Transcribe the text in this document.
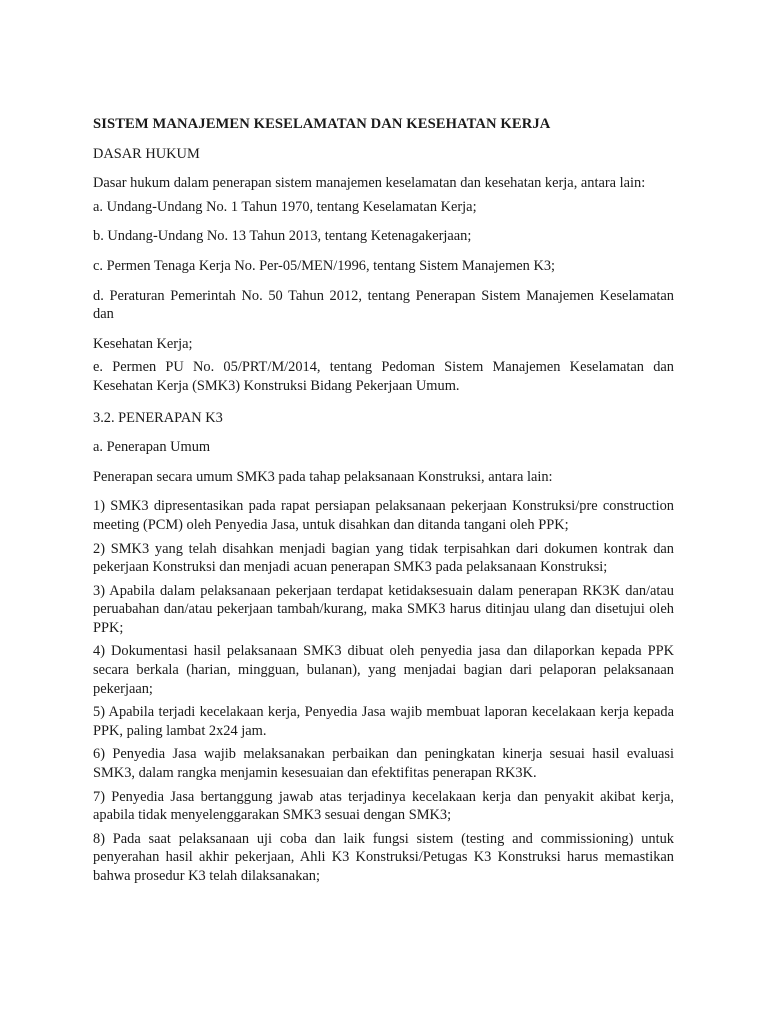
SISTEM MANAJEMEN KESELAMATAN DAN KESEHATAN KERJA
DASAR HUKUM
Dasar hukum dalam penerapan sistem manajemen keselamatan dan kesehatan kerja, antara lain:
a. Undang-Undang No. 1 Tahun 1970, tentang Keselamatan Kerja;
b. Undang-Undang No. 13 Tahun 2013, tentang Ketenagakerjaan;
c. Permen Tenaga Kerja No. Per-05/MEN/1996, tentang Sistem Manajemen K3;
d. Peraturan Pemerintah No. 50 Tahun 2012, tentang Penerapan Sistem Manajemen Keselamatan dan
Kesehatan Kerja;
e. Permen PU No. 05/PRT/M/2014, tentang Pedoman Sistem Manajemen Keselamatan dan Kesehatan Kerja (SMK3) Konstruksi Bidang Pekerjaan Umum.
3.2. PENERAPAN K3
a. Penerapan Umum
Penerapan secara umum SMK3 pada tahap pelaksanaan Konstruksi, antara lain:
1) SMK3 dipresentasikan pada rapat persiapan pelaksanaan pekerjaan Konstruksi/pre construction meeting (PCM) oleh Penyedia Jasa, untuk disahkan dan ditanda tangani oleh PPK;
2) SMK3 yang telah disahkan menjadi bagian yang tidak terpisahkan dari dokumen kontrak dan pekerjaan Konstruksi dan menjadi acuan penerapan SMK3 pada pelaksanaan Konstruksi;
3) Apabila dalam pelaksanaan pekerjaan terdapat ketidaksesuain dalam penerapan RK3K dan/atau peruabahan dan/atau pekerjaan tambah/kurang, maka SMK3 harus ditinjau ulang dan disetujui oleh PPK;
4) Dokumentasi hasil pelaksanaan SMK3 dibuat oleh penyedia jasa dan dilaporkan kepada PPK secara berkala (harian, mingguan, bulanan), yang menjadai bagian dari pelaporan pelaksanaan pekerjaan;
5) Apabila terjadi kecelakaan kerja, Penyedia Jasa wajib membuat laporan kecelakaan kerja kepada PPK, paling lambat 2x24 jam.
6) Penyedia Jasa wajib melaksanakan perbaikan dan peningkatan kinerja sesuai hasil evaluasi SMK3, dalam rangka menjamin kesesuaian dan efektifitas penerapan RK3K.
7) Penyedia Jasa bertanggung jawab atas terjadinya kecelakaan kerja dan penyakit akibat kerja, apabila tidak menyelenggarakan SMK3 sesuai dengan SMK3;
8) Pada saat pelaksanaan uji coba dan laik fungsi sistem (testing and commissioning) untuk penyerahan hasil akhir pekerjaan, Ahli K3 Konstruksi/Petugas K3 Konstruksi harus memastikan bahwa prosedur K3 telah dilaksanakan;
